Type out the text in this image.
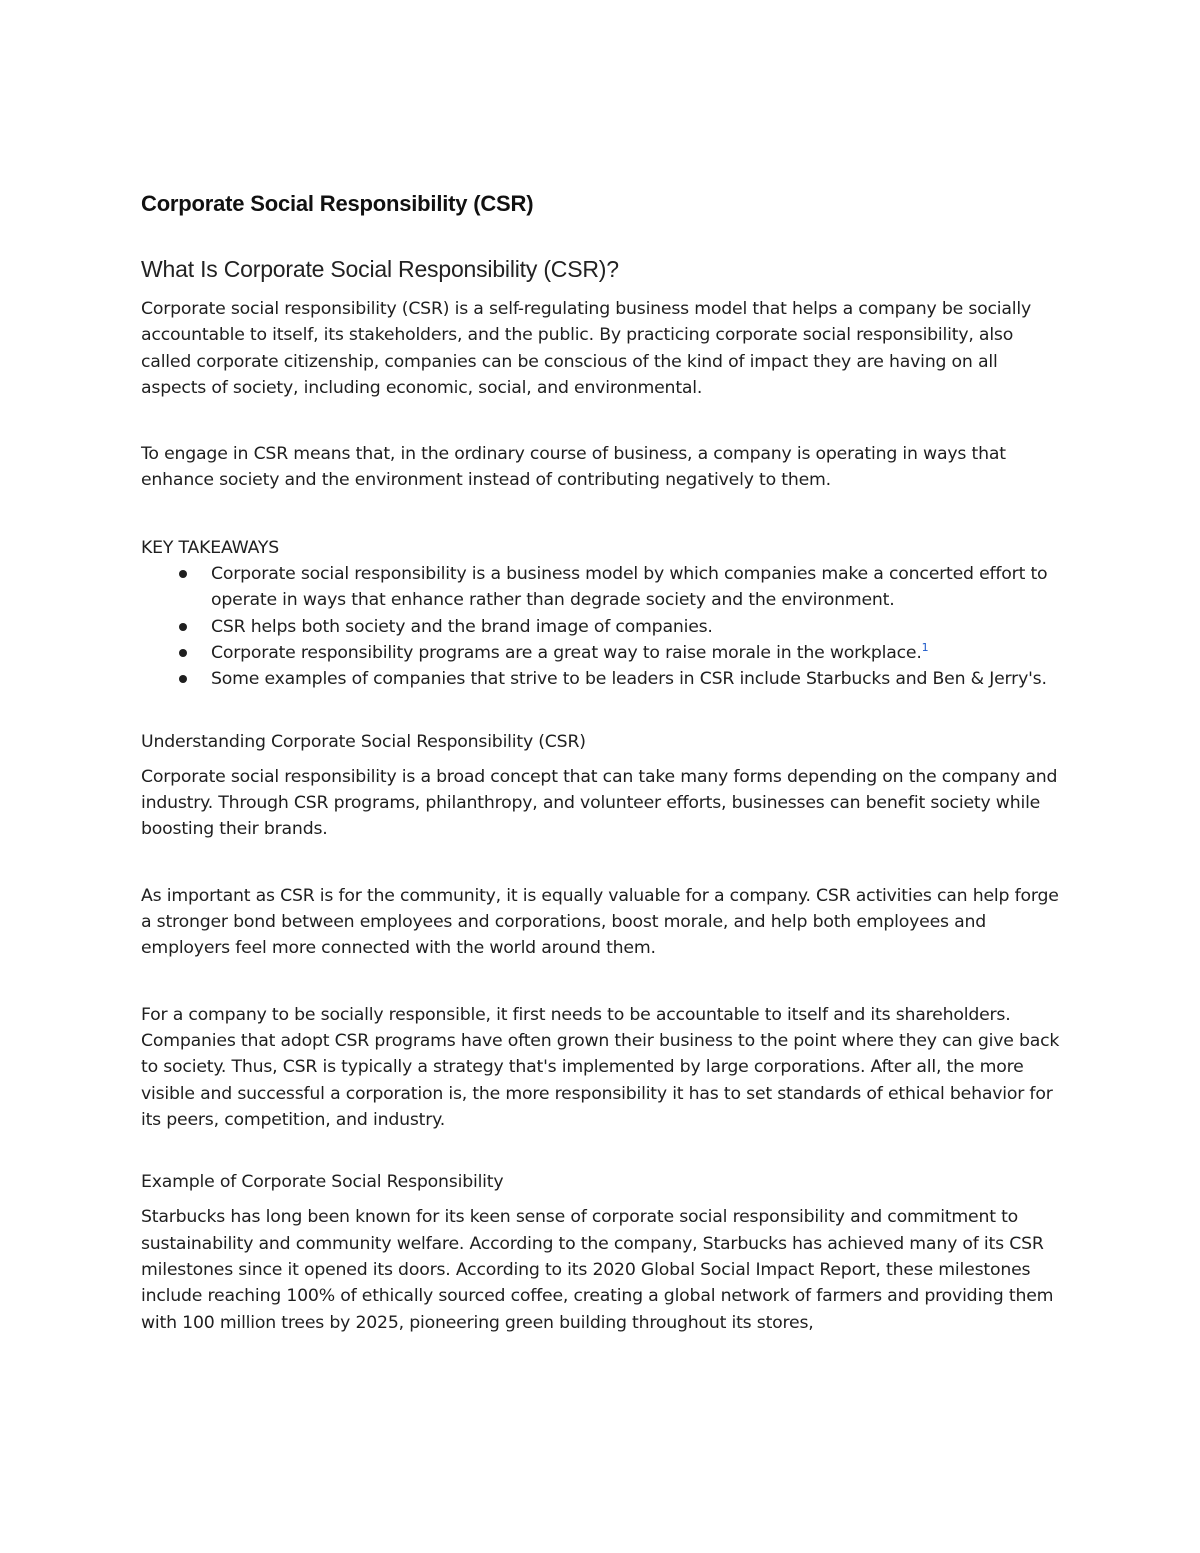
Corporate Social Responsibility (CSR)
What Is Corporate Social Responsibility (CSR)?

Corporate social responsibility (CSR) is a self-regulating business model that helps a company be socially accountable to itself, its stakeholders, and the public. By practicing corporate social responsibility, also called corporate citizenship, companies can be conscious of the kind of impact they are having on all aspects of society, including economic, social, and environmental.

To engage in CSR means that, in the ordinary course of business, a company is operating in ways that enhance society and the environment instead of contributing negatively to them.

KEY TAKEAWAYS

Corporate social responsibility is a business model by which companies make a concerted effort to operate in ways that enhance rather than degrade society and the environment.
CSR helps both society and the brand image of companies.
Corporate responsibility programs are a great way to raise morale in the workplace.$^1$
Some examples of companies that strive to be leaders in CSR include Starbucks and Ben & Jerry's.

Understanding Corporate Social Responsibility (CSR)

Corporate social responsibility is a broad concept that can take many forms depending on the company and industry. Through CSR programs, philanthropy, and volunteer efforts, businesses can benefit society while boosting their brands.

As important as CSR is for the community, it is equally valuable for a company. CSR activities can help forge a stronger bond between employees and corporations, boost morale, and help both employees and employers feel more connected with the world around them.

For a company to be socially responsible, it first needs to be accountable to itself and its shareholders. Companies that adopt CSR programs have often grown their business to the point where they can give back to society. Thus, CSR is typically a strategy that's implemented by large corporations. After all, the more visible and successful a corporation is, the more responsibility it has to set standards of ethical behavior for its peers, competition, and industry.

Example of Corporate Social Responsibility

Starbucks has long been known for its keen sense of corporate social responsibility and commitment to sustainability and community welfare. According to the company, Starbucks has achieved many of its CSR milestones since it opened its doors. According to its 2020 Global Social Impact Report, these milestones include reaching 100% of ethically sourced coffee, creating a global network of farmers and providing them with 100 million trees by 2025, pioneering green building throughout its stores,
